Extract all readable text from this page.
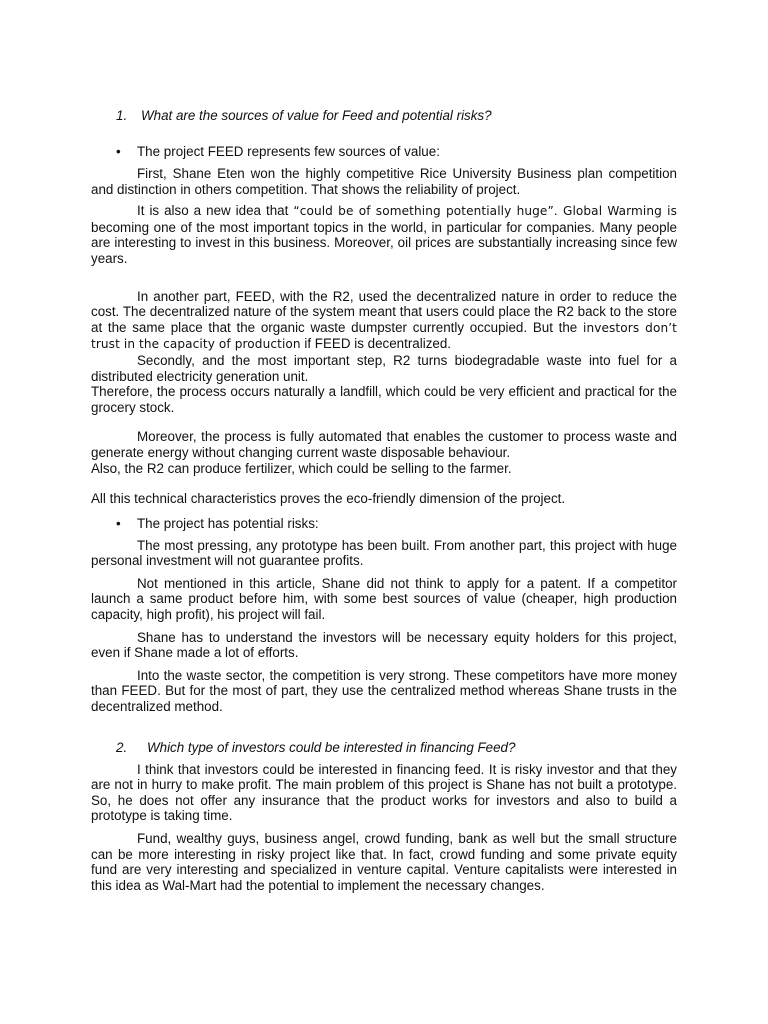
1.	What are the sources of value for Feed and potential risks?
•	The project FEED represents few sources of value:

First, Shane Eten won the highly competitive Rice University Business plan competition and distinction in others competition. That shows the reliability of project.

It is also a new idea that “could be of something potentially huge”. Global Warming is becoming one of the most important topics in the world, in particular for companies. Many people are interesting to invest in this business. Moreover, oil prices are substantially increasing since few years.

In another part, FEED, with the R2, used the decentralized nature in order to reduce the cost. The decentralized nature of the system meant that users could place the R2 back to the store at the same place that the organic waste dumpster currently occupied. But the investors don’t trust in the capacity of production if FEED is decentralized.

Secondly, and the most important step, R2 turns biodegradable waste into fuel for a distributed electricity generation unit.

Therefore, the process occurs naturally a landfill, which could be very efficient and practical for the grocery stock.

Moreover, the process is fully automated that enables the customer to process waste and generate energy without changing current waste disposable behaviour.

Also, the R2 can produce fertilizer, which could be selling to the farmer.

All this technical characteristics proves the eco-friendly dimension of the project.

•	The project has potential risks:

The most pressing, any prototype has been built. From another part, this project with huge personal investment will not guarantee profits.

Not mentioned in this article, Shane did not think to apply for a patent. If a competitor launch a same product before him, with some best sources of value (cheaper, high production capacity, high profit), his project will fail.

Shane has to understand the investors will be necessary equity holders for this project, even if Shane made a lot of efforts.

Into the waste sector, the competition is very strong. These competitors have more money than FEED. But for the most of part, they use the centralized method whereas Shane trusts in the decentralized method.

2.	Which type of investors could be interested in financing Feed?

I think that investors could be interested in financing feed. It is risky investor and that they are not in hurry to make profit. The main problem of this project is Shane has not built a prototype. So, he does not offer any insurance that the product works for investors and also to build a prototype is taking time.

Fund, wealthy guys, business angel, crowd funding, bank as well but the small structure can be more interesting in risky project like that. In fact, crowd funding and some private equity fund are very interesting and specialized in venture capital. Venture capitalists were interested in this idea as Wal-Mart had the potential to implement the necessary changes.
